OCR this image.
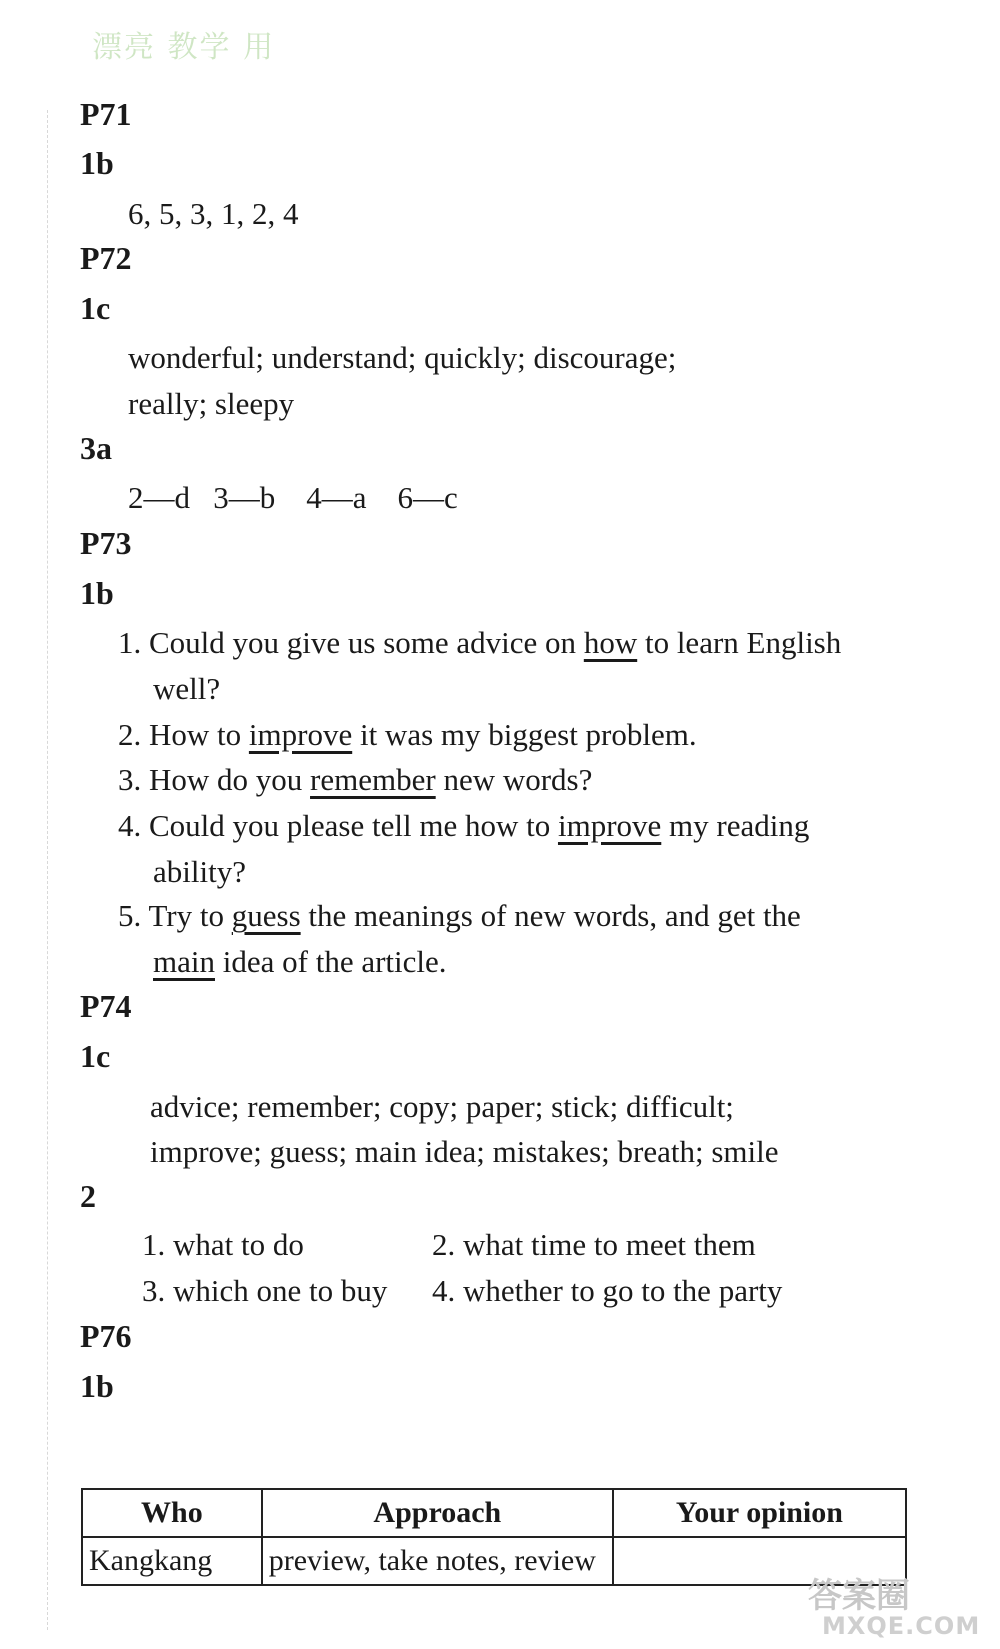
漂亮 教学 用
P71
1b
6, 5, 3, 1, 2, 4
P72
1c
wonderful; understand; quickly; discourage;
really; sleepy
3a
2—d 3—b 4—a 6—c
P73
1b
1. Could you give us some advice on how to learn English
well?
2. How to improve it was my biggest problem.
3. How do you remember new words?
4. Could you please tell me how to improve my reading
ability?
5. Try to guess the meanings of new words, and get the
main idea of the article.
P74
1c
advice; remember; copy; paper; stick; difficult;
improve; guess; main idea; mistakes; breath; smile
2
1. what to do	2. what time to meet them
3. which one to buy 4. whether to go to the party
P76
1b
Who	Approach	Your opinion
Kangkang	preview, take notes, review	
答案圈
MXQE.COM
